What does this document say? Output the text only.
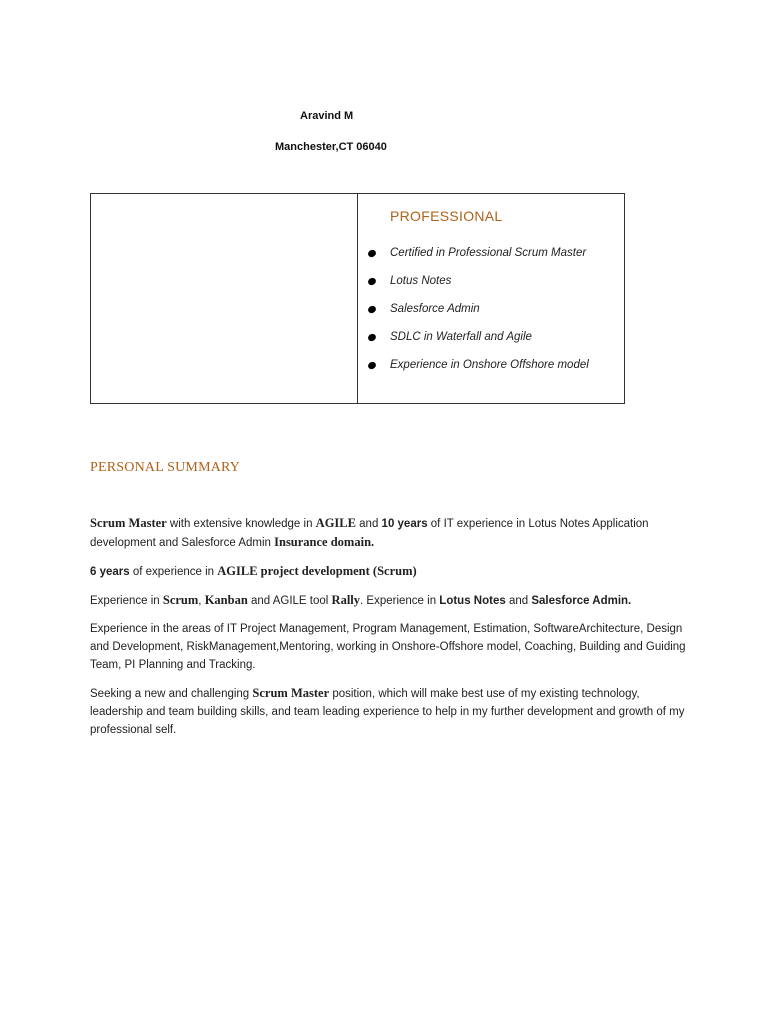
Aravind M
Manchester,CT 06040
PROFESSIONAL
Certified in Professional Scrum Master
Lotus Notes
Salesforce Admin
SDLC in Waterfall and Agile
Experience in Onshore Offshore model
PERSONAL SUMMARY

Scrum Master with extensive knowledge in AGILE and 10 years of IT experience in Lotus Notes Application development and Salesforce Admin Insurance domain.

6 years of experience in AGILE project development (Scrum)

Experience in Scrum, Kanban and AGILE tool Rally. Experience in Lotus Notes and Salesforce Admin.

Experience in the areas of IT Project Management, Program Management, Estimation, SoftwareArchitecture, Design and Development, RiskManagement,Mentoring, working in Onshore-Offshore model, Coaching, Building and Guiding Team, PI Planning and Tracking.

Seeking a new and challenging Scrum Master position, which will make best use of my existing technology, leadership and team building skills, and team leading experience to help in my further development and growth of my professional self.
